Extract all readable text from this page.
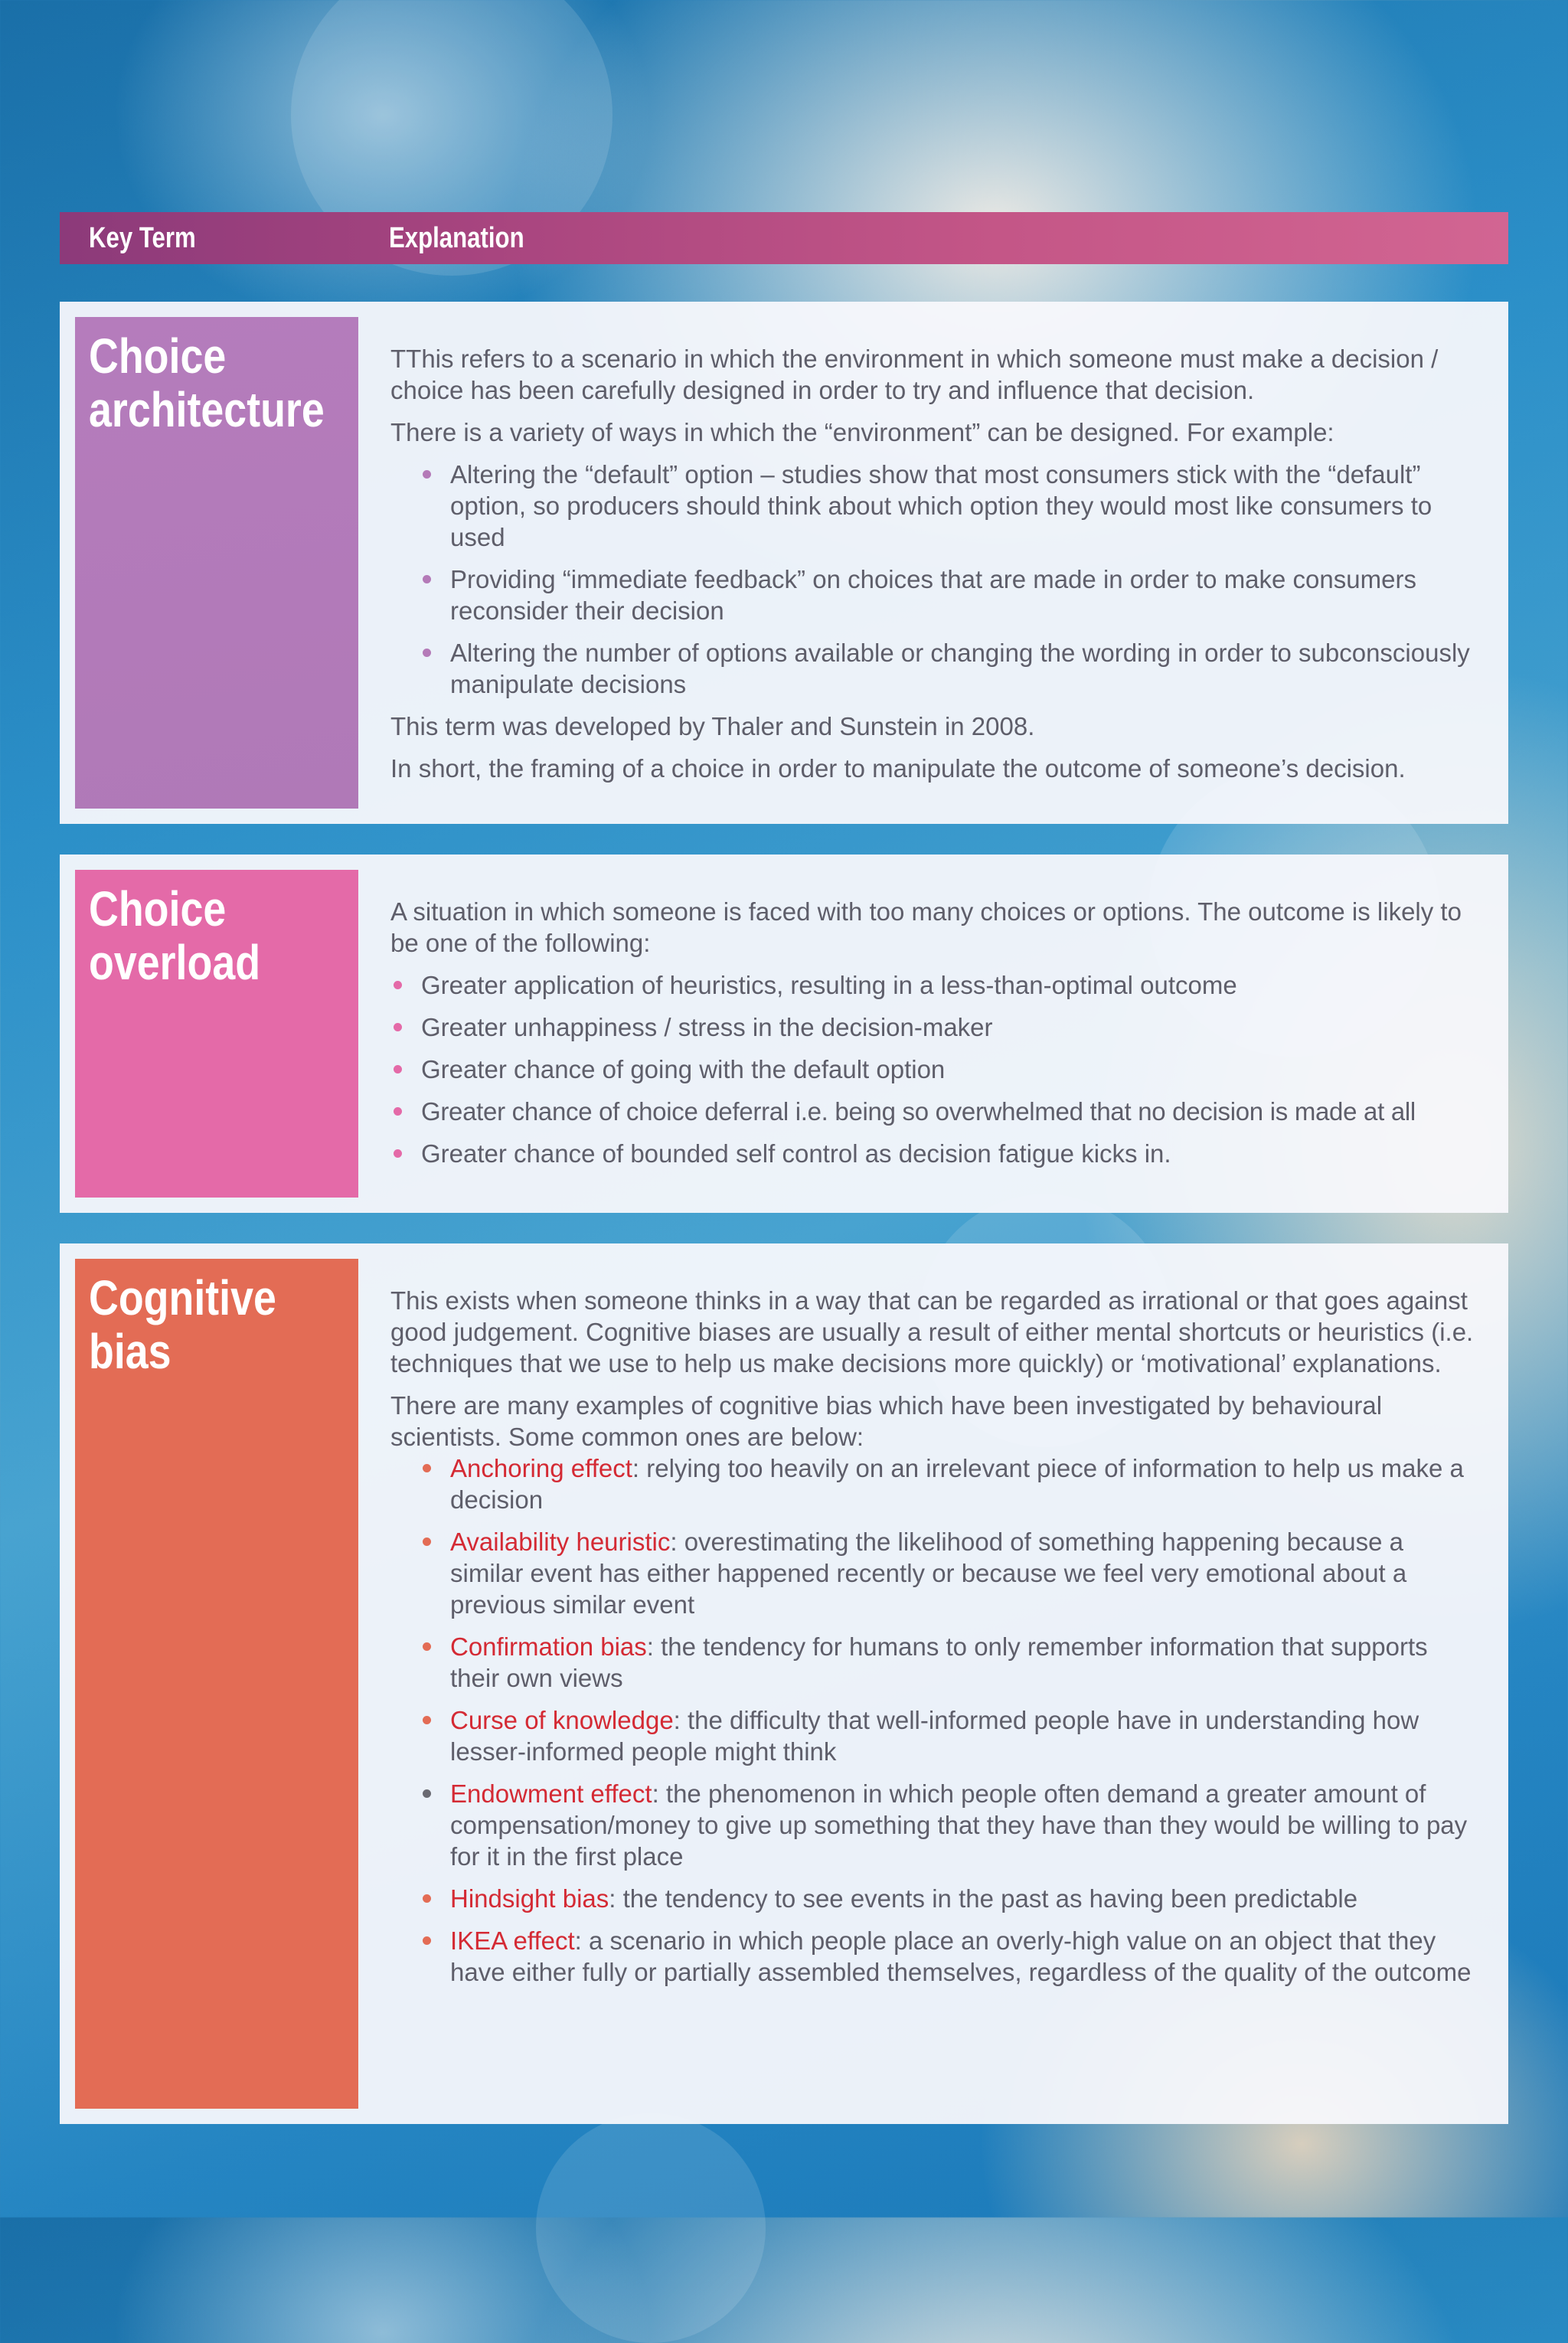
Key Term	Explanation
Choice
architecture

TThis refers to a scenario in which the environment in which someone must make a decision / choice has been carefully designed in order to try and influence that decision.

There is a variety of ways in which the “environment” can be designed. For example:

Altering the “default” option – studies show that most consumers stick with the “default” option, so producers should think about which option they would most like consumers to used
Providing “immediate feedback” on choices that are made in order to make consumers reconsider their decision
Altering the number of options available or changing the wording in order to subconsciously manipulate decisions

This term was developed by Thaler and Sunstein in 2008.

In short, the framing of a choice in order to manipulate the outcome of someone’s decision.

Choice
overload

A situation in which someone is faced with too many choices or options. The outcome is likely to be one of the following:

Greater application of heuristics, resulting in a less-than-optimal outcome
Greater unhappiness / stress in the decision-maker
Greater chance of going with the default option
Greater chance of choice deferral i.e. being so overwhelmed that no decision is made at all
Greater chance of bounded self control as decision fatigue kicks in.
Cognitive
bias

This exists when someone thinks in a way that can be regarded as irrational or that goes against good judgement. Cognitive biases are usually a result of either mental shortcuts or heuristics (i.e. techniques that we use to help us make decisions more quickly) or ‘motivational’ explanations.

There are many examples of cognitive bias which have been investigated by behavioural scientists. Some common ones are below:

Anchoring effect: relying too heavily on an irrelevant piece of information to help us make a decision
Availability heuristic: overestimating the likelihood of something happening because a similar event has either happened recently or because we feel very emotional about a previous similar event
Confirmation bias: the tendency for humans to only remember information that supports their own views
Curse of knowledge: the difficulty that well-informed people have in understanding how lesser-informed people might think
Endowment effect: the phenomenon in which people often demand a greater amount of compensation/money to give up something that they have than they would be willing to pay for it in the first place
Hindsight bias: the tendency to see events in the past as having been predictable
IKEA effect: a scenario in which people place an overly-high value on an object that they have either fully or partially assembled themselves, regardless of the quality of the outcome
